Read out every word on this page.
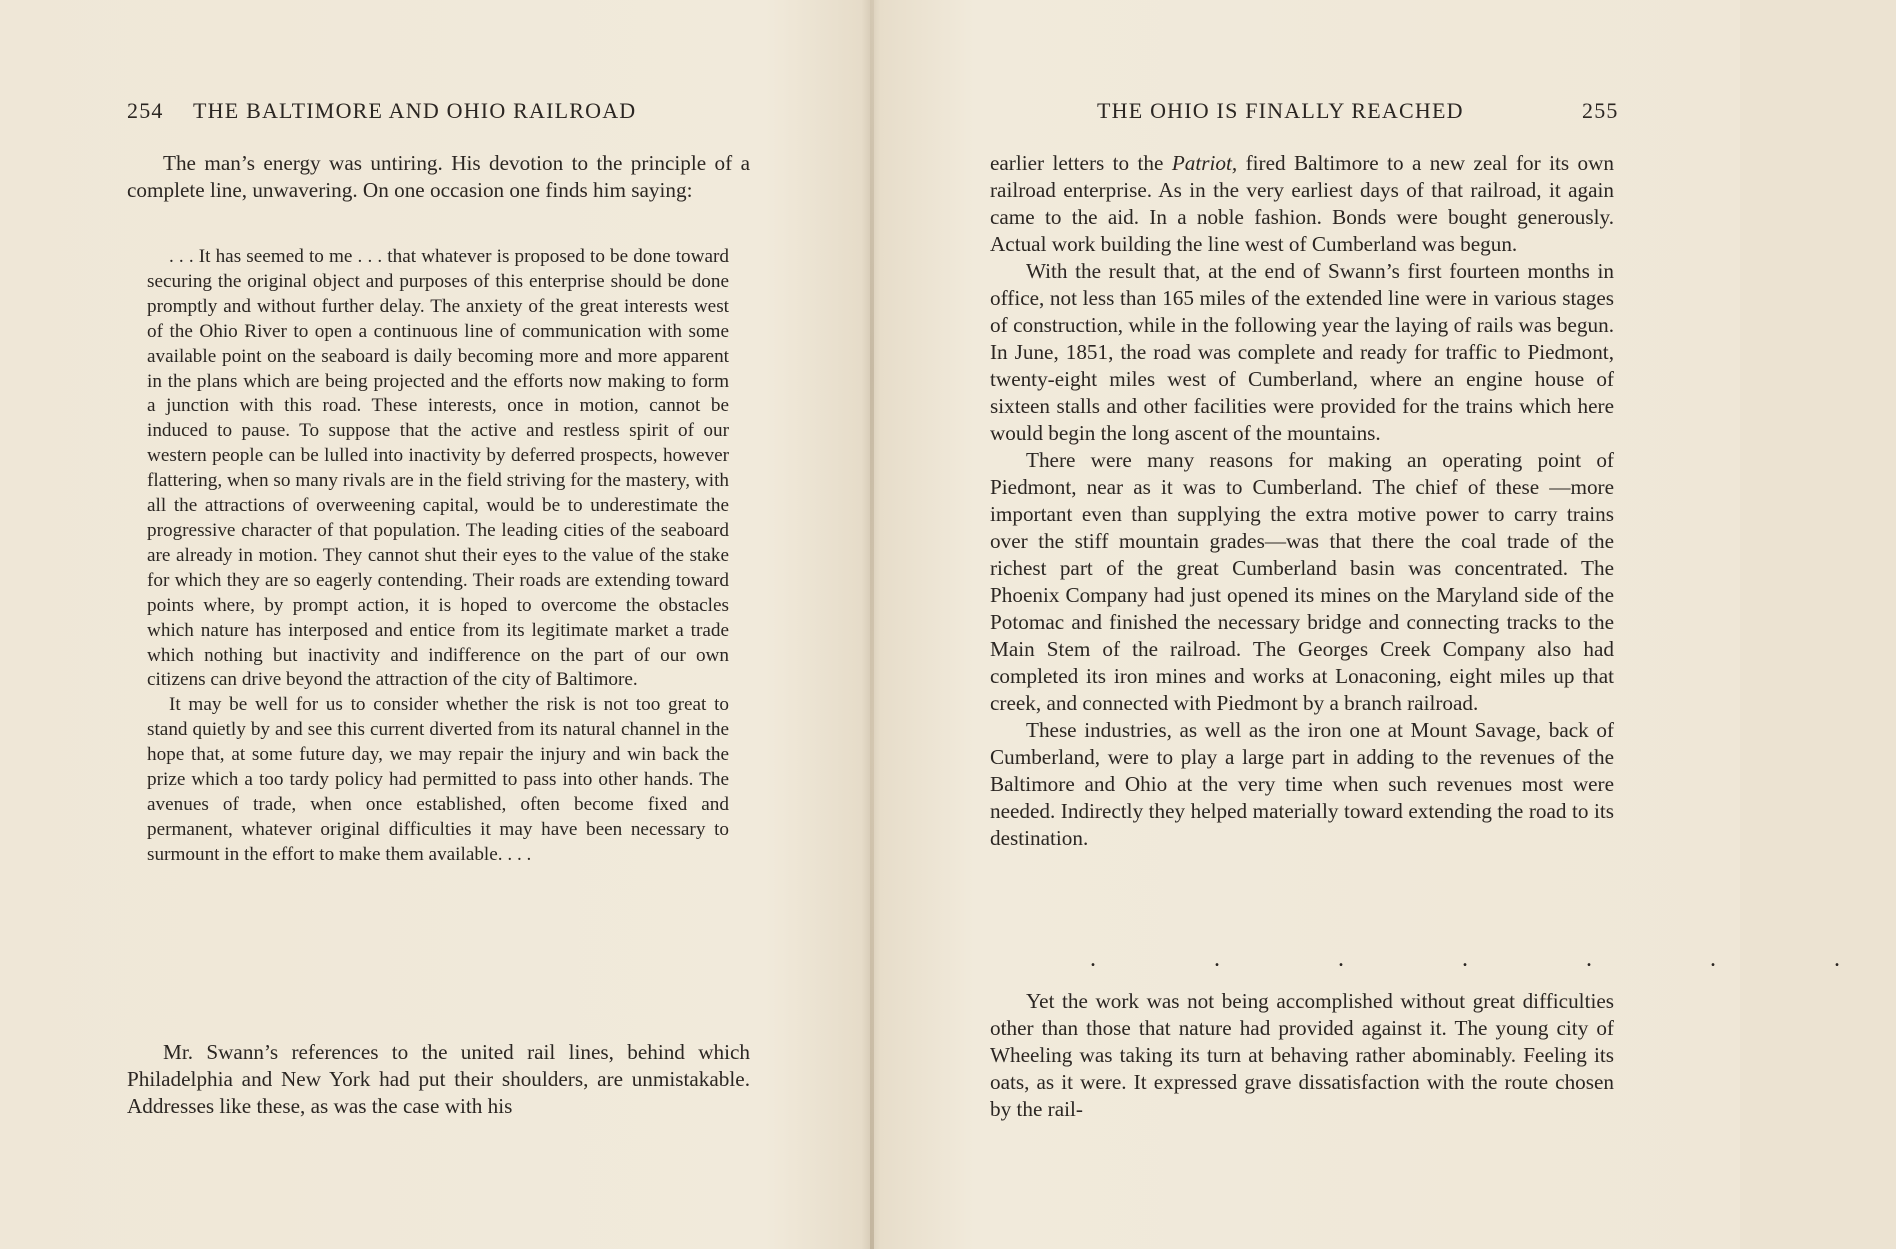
254 THE BALTIMORE AND OHIO RAILROAD

The man’s energy was untiring. His devotion to the principle of a complete line, unwavering. On one occasion one finds him saying:

. . . It has seemed to me . . . that whatever is proposed to be done toward securing the original object and purposes of this enterprise should be done promptly and without further delay. The anxiety of the great interests west of the Ohio River to open a continuous line of communication with some available point on the seaboard is daily becoming more and more apparent in the plans which are being projected and the efforts now making to form a junction with this road. These interests, once in motion, cannot be induced to pause. To suppose that the active and restless spirit of our western people can be lulled into inactivity by deferred prospects, however flattering, when so many rivals are in the field striving for the mastery, with all the attractions of overweening capital, would be to underestimate the progressive character of that population. The leading cities of the seaboard are already in motion. They cannot shut their eyes to the value of the stake for which they are so eagerly contending. Their roads are extending toward points where, by prompt action, it is hoped to overcome the obstacles which nature has interposed and entice from its legitimate market a trade which nothing but inactivity and indifference on the part of our own citizens can drive beyond the attraction of the city of Baltimore.

It may be well for us to consider whether the risk is not too great to stand quietly by and see this current diverted from its natural channel in the hope that, at some future day, we may repair the injury and win back the prize which a too tardy policy had permitted to pass into other hands. The avenues of trade, when once established, often become fixed and permanent, whatever original difficulties it may have been necessary to surmount in the effort to make them available. . . .

Mr. Swann’s references to the united rail lines, behind which Philadelphia and New York had put their shoulders, are unmistakable. Addresses like these, as was the case with his

THE OHIO IS FINALLY REACHED	255

earlier letters to the Patriot, fired Baltimore to a new zeal for its own railroad enterprise. As in the very earliest days of that railroad, it again came to the aid. In a noble fashion. Bonds were bought generously. Actual work building the line west of Cumberland was begun.

With the result that, at the end of Swann’s first fourteen months in office, not less than 165 miles of the extended line were in various stages of construction, while in the following year the laying of rails was begun. In June, 1851, the road was complete and ready for traffic to Piedmont, twenty-eight miles west of Cumberland, where an engine house of sixteen stalls and other facilities were provided for the trains which here would begin the long ascent of the mountains.

There were many reasons for making an operating point of Piedmont, near as it was to Cumberland. The chief of these —more important even than supplying the extra motive power to carry trains over the stiff mountain grades—was that there the coal trade of the richest part of the great Cumberland basin was concentrated. The Phoenix Company had just opened its mines on the Maryland side of the Potomac and finished the necessary bridge and connecting tracks to the Main Stem of the railroad. The Georges Creek Company also had completed its iron mines and works at Lonaconing, eight miles up that creek, and connected with Piedmont by a branch railroad.

These industries, as well as the iron one at Mount Savage, back of Cumberland, were to play a large part in adding to the revenues of the Baltimore and Ohio at the very time when such revenues most were needed. Indirectly they helped materially toward extending the road to its destination.

. . . . . . .

Yet the work was not being accomplished without great difficulties other than those that nature had provided against it. The young city of Wheeling was taking its turn at behaving rather abominably. Feeling its oats, as it were. It expressed grave dissatisfaction with the route chosen by the rail-
